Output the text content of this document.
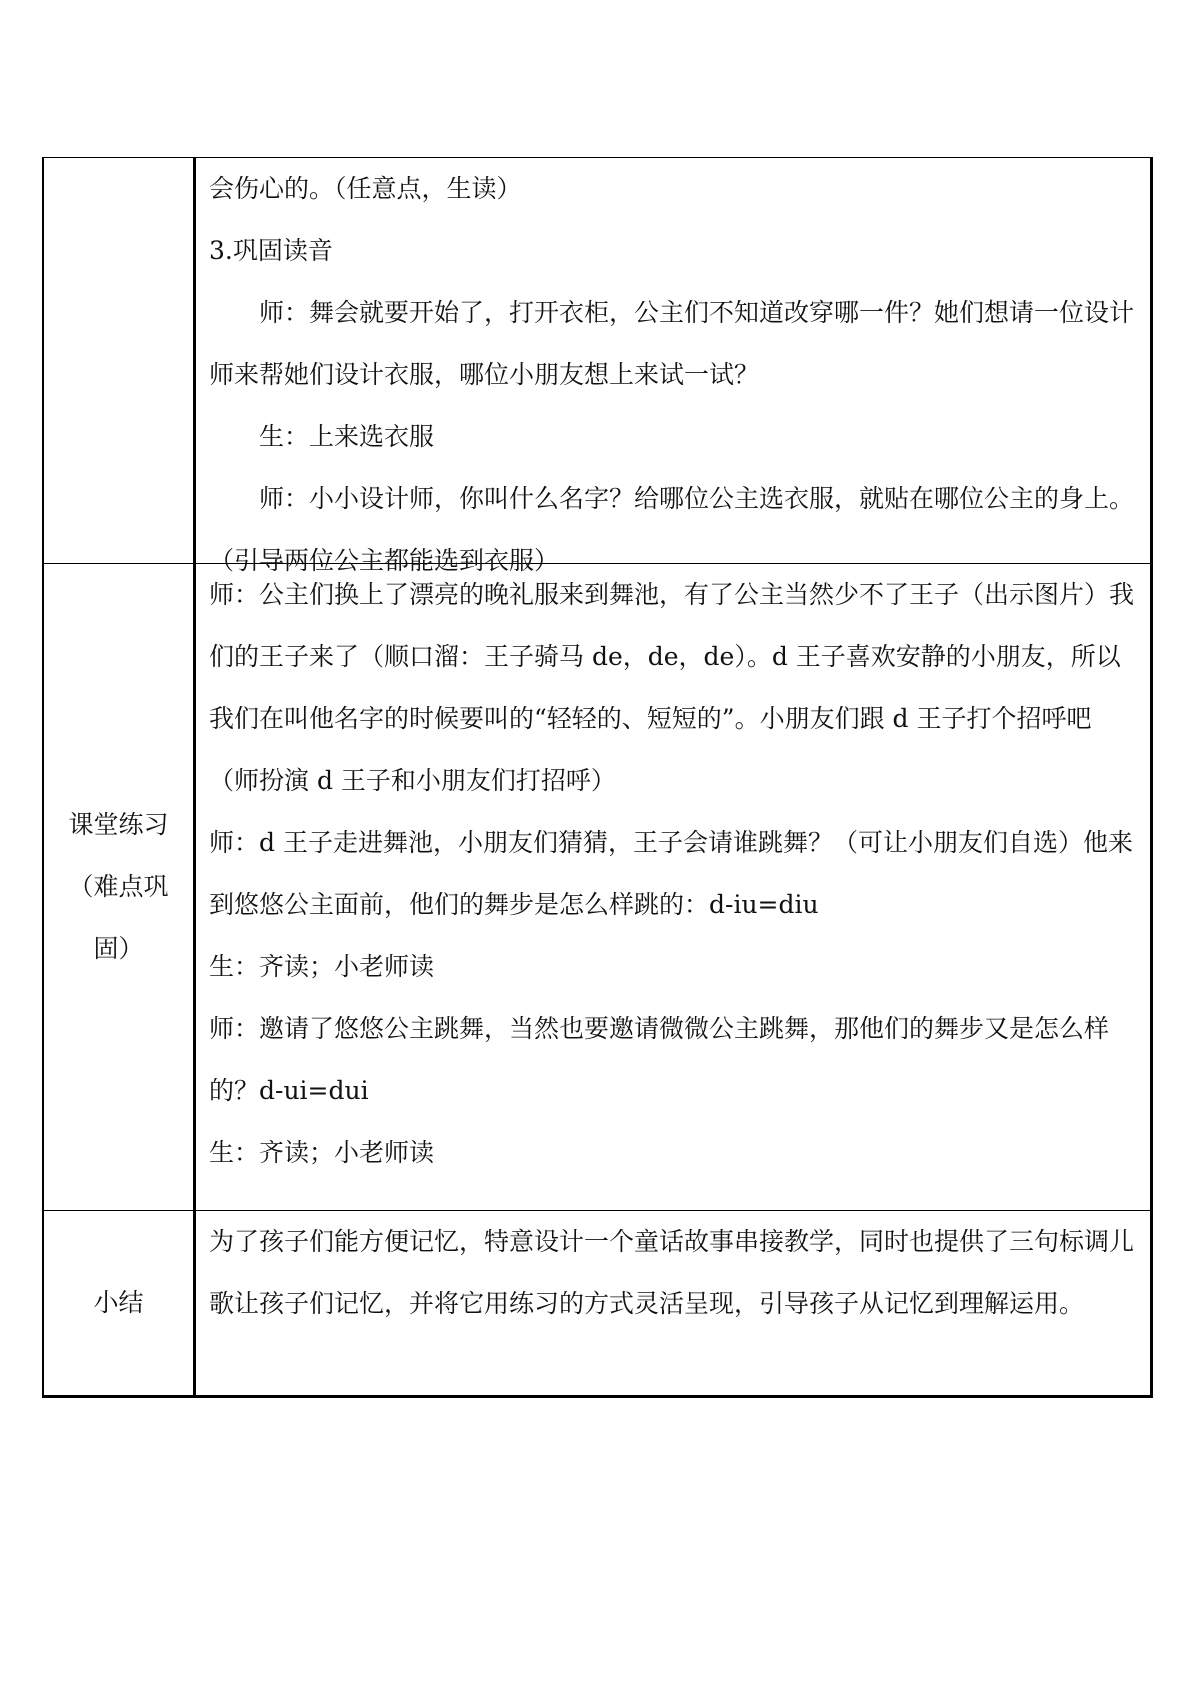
	会伤心的。（任意点，生读）

3.巩固读音

师：舞会就要开始了，打开衣柜，公主们不知道改穿哪一件？她们想请一位设计师来帮她们设计衣服，哪位小朋友想上来试一试？

生：上来选衣服

师：小小设计师，你叫什么名字？给哪位公主选衣服，就贴在哪位公主的身上。（引导两位公主都能选到衣服）

课堂练习（难点巩固）	师：公主们换上了漂亮的晚礼服来到舞池，有了公主当然少不了王子（出示图片）我们的王子来了（顺口溜：王子骑马 de，de，de）。d 王子喜欢安静的小朋友，所以我们在叫他名字的时候要叫的“轻轻的、短短的”。小朋友们跟 d 王子打个招呼吧（师扮演 d 王子和小朋友们打招呼）

师：d 王子走进舞池，小朋友们猜猜，王子会请谁跳舞？（可让小朋友们自选）他来到悠悠公主面前，他们的舞步是怎么样跳的：d-iu=diu

生：齐读；小老师读

师：邀请了悠悠公主跳舞，当然也要邀请微微公主跳舞，那他们的舞步又是怎么样的？d-ui=dui

生：齐读；小老师读

小结	为了孩子们能方便记忆，特意设计一个童话故事串接教学，同时也提供了三句标调儿歌让孩子们记忆，并将它用练习的方式灵活呈现，引导孩子从记忆到理解运用。
